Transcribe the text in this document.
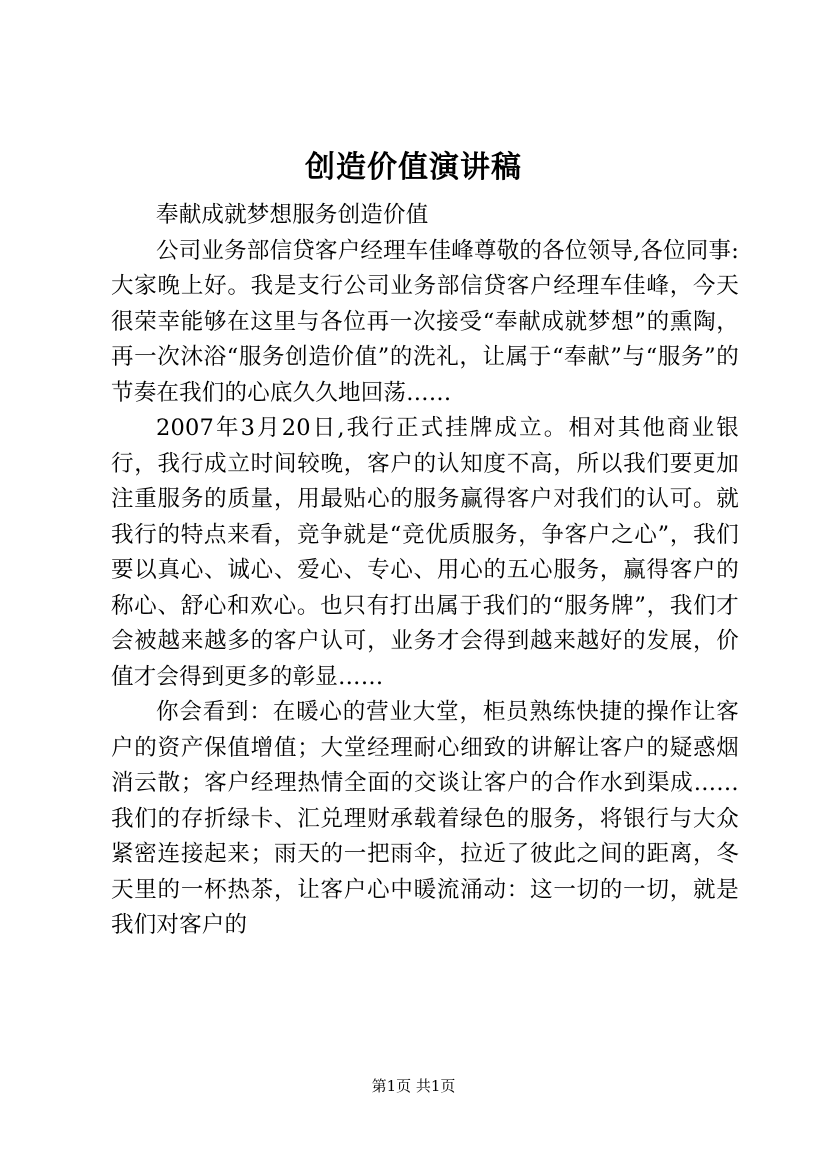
创造价值演讲稿

奉献成就梦想服务创造价值

公司业务部信贷客户经理车佳峰尊敬的各位领导,各位同事:大家晚上好。我是支行公司业务部信贷客户经理车佳峰，今天很荣幸能够在这里与各位再一次接受“奉献成就梦想”的熏陶，再一次沐浴“服务创造价值”的洗礼，让属于“奉献”与“服务”的节奏在我们的心底久久地回荡……

2007年3月20日,我行正式挂牌成立。相对其他商业银行，我行成立时间较晚，客户的认知度不高，所以我们要更加注重服务的质量，用最贴心的服务赢得客户对我们的认可。就我行的特点来看，竞争就是“竞优质服务，争客户之心”，我们要以真心、诚心、爱心、专心、用心的五心服务，赢得客户的称心、舒心和欢心。也只有打出属于我们的“服务牌”，我们才会被越来越多的客户认可，业务才会得到越来越好的发展，价值才会得到更多的彰显……

你会看到：在暖心的营业大堂，柜员熟练快捷的操作让客户的资产保值增值；大堂经理耐心细致的讲解让客户的疑惑烟消云散；客户经理热情全面的交谈让客户的合作水到渠成……我们的存折绿卡、汇兑理财承载着绿色的服务，将银行与大众紧密连接起来；雨天的一把雨伞，拉近了彼此之间的距离，冬天里的一杯热茶，让客户心中暖流涌动：这一切的一切，就是我们对客户的

第1页 共1页
